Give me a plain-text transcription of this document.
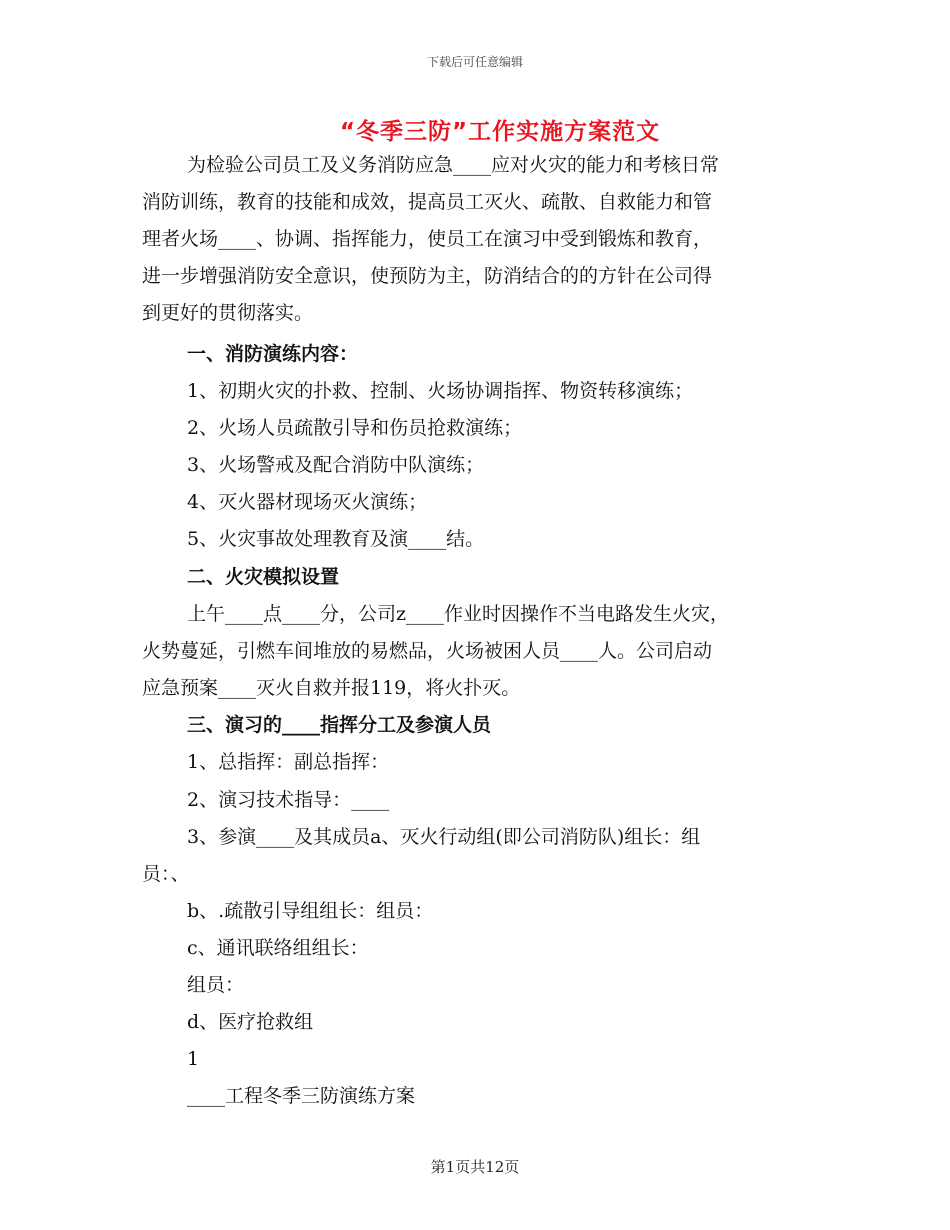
下载后可任意编辑
“冬季三防”工作实施方案范文
为检验公司员工及义务消防应急____应对火灾的能力和考核日常
消防训练，教育的技能和成效，提高员工灭火、疏散、自救能力和管
理者火场____、协调、指挥能力，使员工在演习中受到锻炼和教育，
进一步增强消防安全意识，使预防为主，防消结合的的方针在公司得
到更好的贯彻落实。
一、消防演练内容：
1、初期火灾的扑救、控制、火场协调指挥、物资转移演练；
2、火场人员疏散引导和伤员抢救演练；
3、火场警戒及配合消防中队演练；
4、灭火器材现场灭火演练；
5、火灾事故处理教育及演____结。
二、火灾模拟设置
上午____点____分，公司z____作业时因操作不当电路发生火灾，
火势蔓延，引燃车间堆放的易燃品，火场被困人员____人。公司启动
应急预案____灭火自救并报119，将火扑灭。
三、演习的____指挥分工及参演人员
1、总指挥：副总指挥：
2、演习技术指导：____
3、参演____及其成员a、灭火行动组(即公司消防队)组长：组
员：、
b、.疏散引导组组长：组员：
c、通讯联络组组长：
组员：
d、医疗抢救组
1
____工程冬季三防演练方案
第1页共12页
